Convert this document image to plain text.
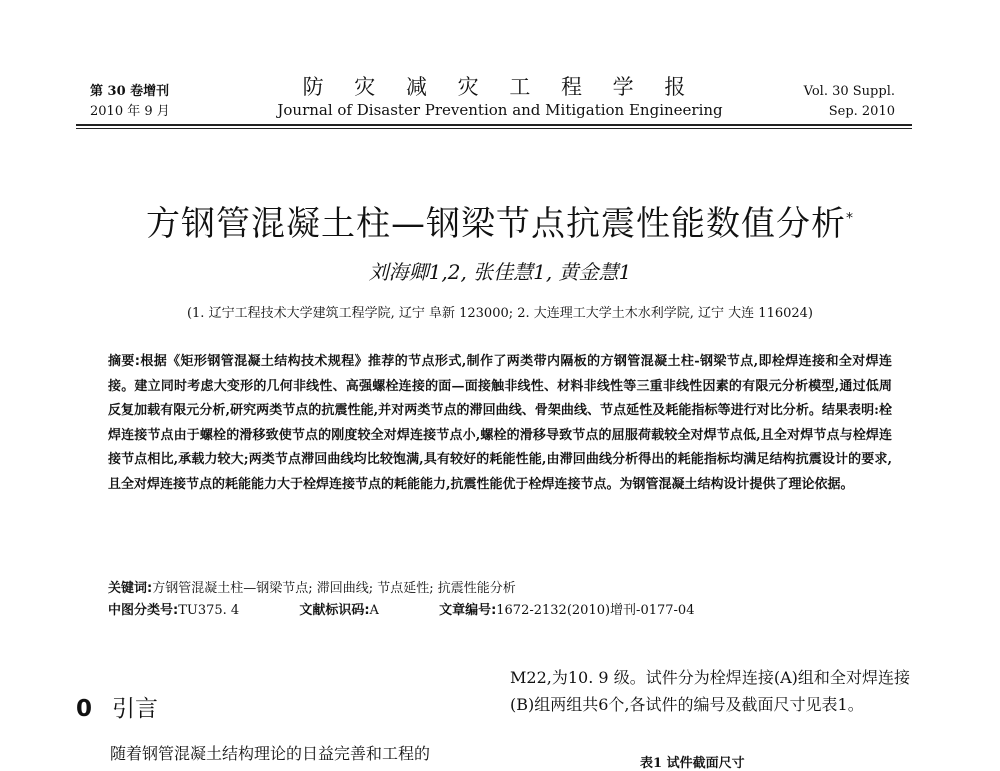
第 30 卷增刊
2010 年 9 月
防 灾 减 灾 工 程 学 报
Journal of Disaster Prevention and Mitigation Engineering
Vol. 30 Suppl.
Sep. 2010
方钢管混凝土柱—钢梁节点抗震性能数值分析*
刘海卿1,2, 张佳慧1, 黄金慧1
(1. 辽宁工程技术大学建筑工程学院, 辽宁 阜新 123000; 2. 大连理工大学土木水利学院, 辽宁 大连 116024)
摘要:根据《矩形钢管混凝土结构技术规程》推荐的节点形式,制作了两类带内隔板的方钢管混凝土柱-钢梁节点,即栓焊连接和全对焊连接。建立同时考虑大变形的几何非线性、高强螺栓连接的面—面接触非线性、材料非线性等三重非线性因素的有限元分析模型,通过低周反复加载有限元分析,研究两类节点的抗震性能,并对两类节点的滞回曲线、骨架曲线、节点延性及耗能指标等进行对比分析。结果表明:栓焊连接节点由于螺栓的滑移致使节点的刚度较全对焊连接节点小,螺栓的滑移导致节点的屈服荷载较全对焊节点低,且全对焊节点与栓焊连接节点相比,承载力较大;两类节点滞回曲线均比较饱满,具有较好的耗能性能,由滞回曲线分析得出的耗能指标均满足结构抗震设计的要求,且全对焊连接节点的耗能能力大于栓焊连接节点的耗能能力,抗震性能优于栓焊连接节点。为钢管混凝土结构设计提供了理论依据。
关键词:方钢管混凝土柱—钢梁节点; 滞回曲线; 节点延性; 抗震性能分析
中图分类号:TU375. 4	文献标识码:A	文章编号:1672-2132(2010)增刊-0177-04
0 引言
随着钢管混凝土结构理论的日益完善和工程的
M22,为10. 9 级。试件分为栓焊连接(A)组和全对焊连接(B)组两组共6个,各试件的编号及截面尺寸见表1。
表1 试件截面尺寸
